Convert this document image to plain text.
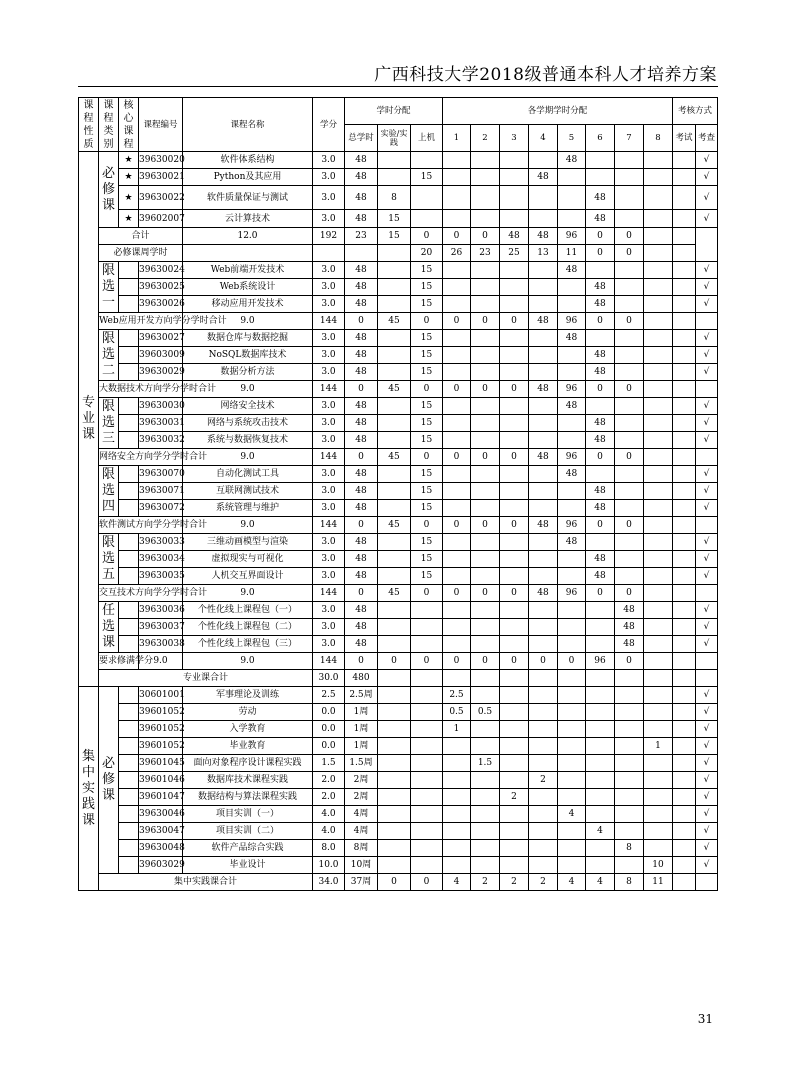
广西科技大学2018级普通本科人才培养方案
课程性质	课程类别	核心课程	课程编号	课程名称	学分	学时分配			各学期学时分配								考核方式	
						总学时	实验/实践	上机	1	2	3	4	5	6	7	8	考试	考查
专业课	必修课	★	39630020	软件体系结构	3.0	48							48					√
		★	39630021	Python及其应用	3.0	48		15				48						√
		★	39630022	软件质量保证与测试	3.0	48	8							48				√
		★	39602007	云计算技术	3.0	48	15							48				√
	合计			12.0	192	23	15	0	0	0	48	48	96	0	0			
	必修课周学时							20	26	23	25	13	11	0	0			
	限选一		39630024	Web前端开发技术	3.0	48		15					48					√
			39630025	Web系统设计	3.0	48		15						48				√
			39630026	移动应用开发技术	3.0	48		15						48				√
	Web应用开发方向学分学时合计			9.0	144	0	45	0	0	0	0	48	96	0	0			
	限选二		39630027	数据仓库与数据挖掘	3.0	48		15					48					√
			39603009	NoSQL数据库技术	3.0	48		15						48				√
			39630029	数据分析方法	3.0	48		15						48				√
	大数据技术方向学分学时合计			9.0	144	0	45	0	0	0	0	48	96	0	0			
	限选三		39630030	网络安全技术	3.0	48		15					48					√
			39630031	网络与系统攻击技术	3.0	48		15						48				√
			39630032	系统与数据恢复技术	3.0	48		15						48				√
	网络安全方向学分学时合计			9.0	144	0	45	0	0	0	0	48	96	0	0			
	限选四		39630070	自动化测试工具	3.0	48		15					48					√
			39630071	互联网测试技术	3.0	48		15						48				√
			39630072	系统管理与维护	3.0	48		15						48				√
	软件测试方向学分学时合计			9.0	144	0	45	0	0	0	0	48	96	0	0			
	限选五		39630033	三维动画模型与渲染	3.0	48		15					48					√
			39630034	虚拟现实与可视化	3.0	48		15						48				√
			39630035	人机交互界面设计	3.0	48		15						48				√
	交互技术方向学分学时合计			9.0	144	0	45	0	0	0	0	48	96	0	0			
	任选课		39630036	个性化线上课程包（一）	3.0	48									48			√
			39630037	个性化线上课程包（二）	3.0	48									48			√
			39630038	个性化线上课程包（三）	3.0	48									48			√
	要求修满学分		9.0	9.0	144	0	0	0	0	0	0	0	0	96	0			
	专业课合计				30.0	480												
集中实践课	必修课		30601001	军事理论及训练	2.5	2.5周			2.5									√
			39601052	劳动	0.0	1周			0.5	0.5								√
			39601052	入学教育	0.0	1周			1									√
			39601052	毕业教育	0.0	1周										1		√
			39601045	面向对象程序设计课程实践	1.5	1.5周				1.5								√
			39601046	数据库技术课程实践	2.0	2周						2						√
			39601047	数据结构与算法课程实践	2.0	2周					2							√
			39630046	项目实训（一）	4.0	4周							4					√
			39630047	项目实训（二）	4.0	4周								4				√
			39630048	软件产品综合实践	8.0	8周									8			√
			39603029	毕业设计	10.0	10周										10		√
	集中实践课合计				34.0	37周	0	0	4	2	2	2	4	4	8	11		
31
